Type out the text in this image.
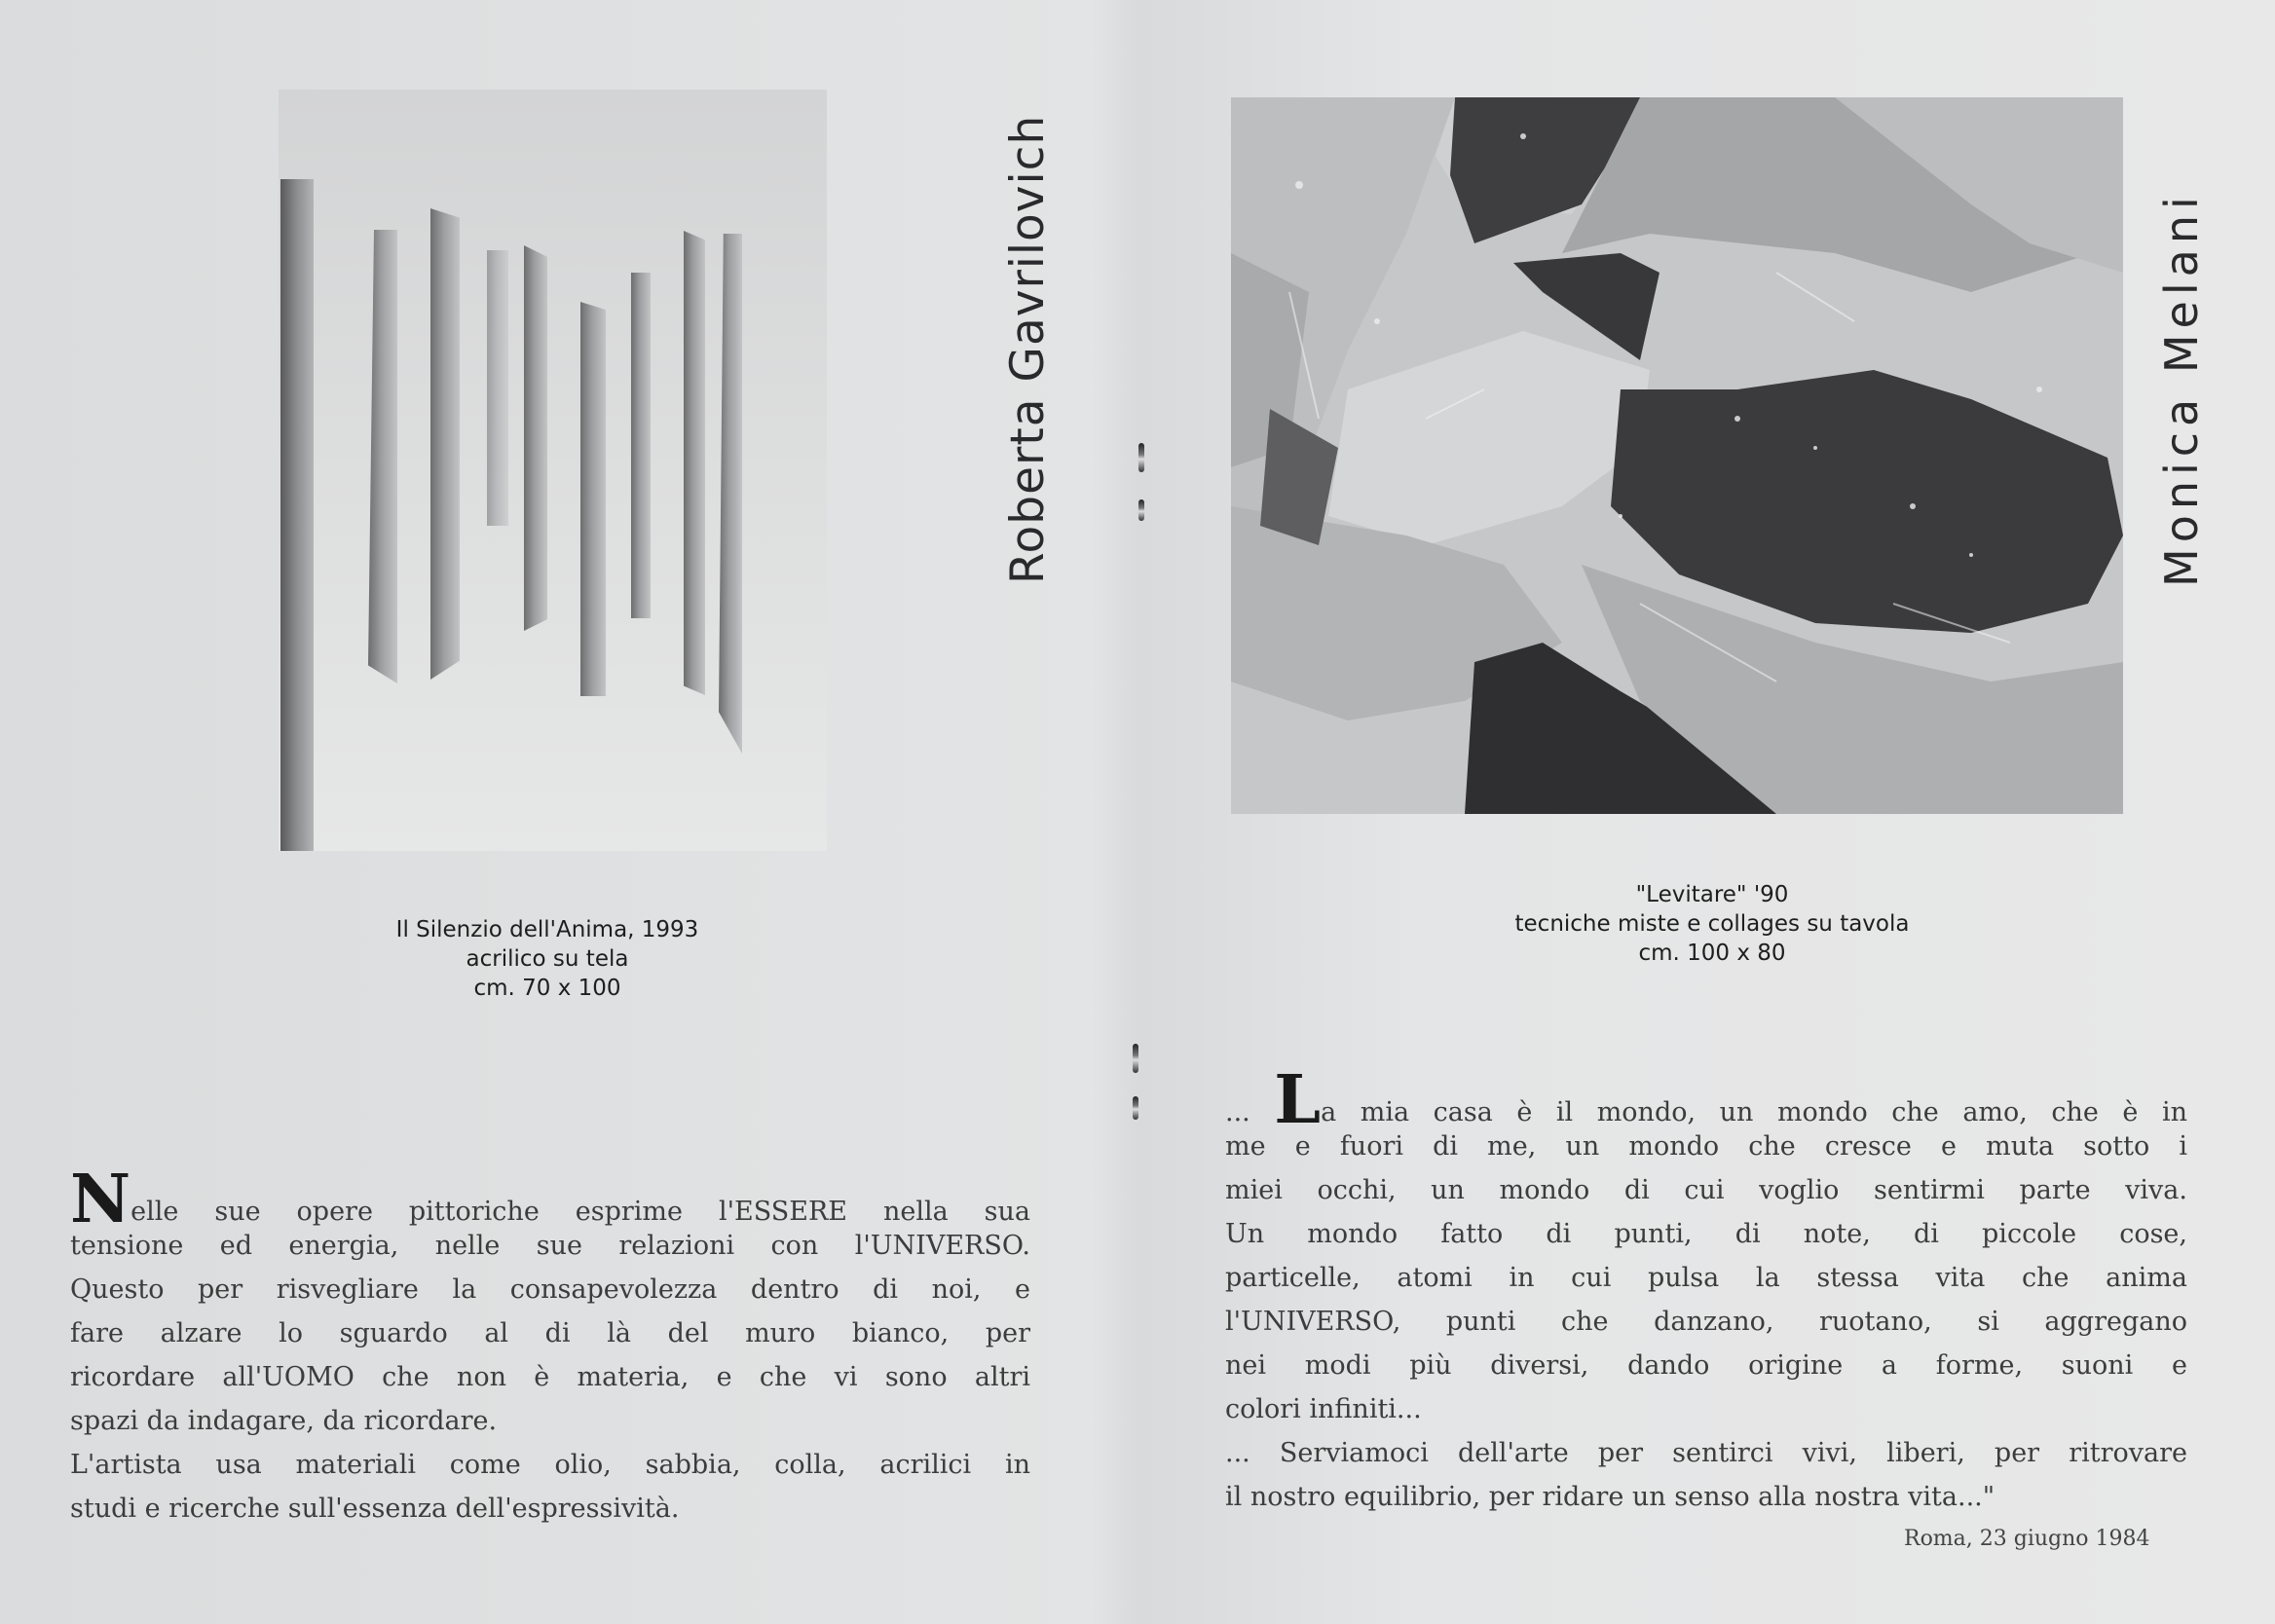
Il Silenzio dell'Anima, 1993
acrilico su tela
cm. 70 x 100
Roberta Gavrilovich
Nelle sue opere pittoriche esprime l'ESSERE nella sua
tensione ed energia, nelle sue relazioni con l'UNIVERSO.
Questo per risvegliare la consapevolezza dentro di noi, e
fare alzare lo sguardo al di là del muro bianco, per
ricordare all'UOMO che non è materia, e che vi sono altri
spazi da indagare, da ricordare.
L'artista usa materiali come olio, sabbia, colla, acrilici in
studi e ricerche sull'essenza dell'espressività.
"Levitare" '90
tecniche miste e collages su tavola
cm. 100 x 80
Monica Melani
... La mia casa è il mondo, un mondo che amo, che è in
me e fuori di me, un mondo che cresce e muta sotto i
miei occhi, un mondo di cui voglio sentirmi parte viva.
Un mondo fatto di punti, di note, di piccole cose,
particelle, atomi in cui pulsa la stessa vita che anima
l'UNIVERSO, punti che danzano, ruotano, si aggregano
nei modi più diversi, dando origine a forme, suoni e
colori infiniti...
... Serviamoci dell'arte per sentirci vivi, liberi, per ritrovare
il nostro equilibrio, per ridare un senso alla nostra vita..."
Roma, 23 giugno 1984
